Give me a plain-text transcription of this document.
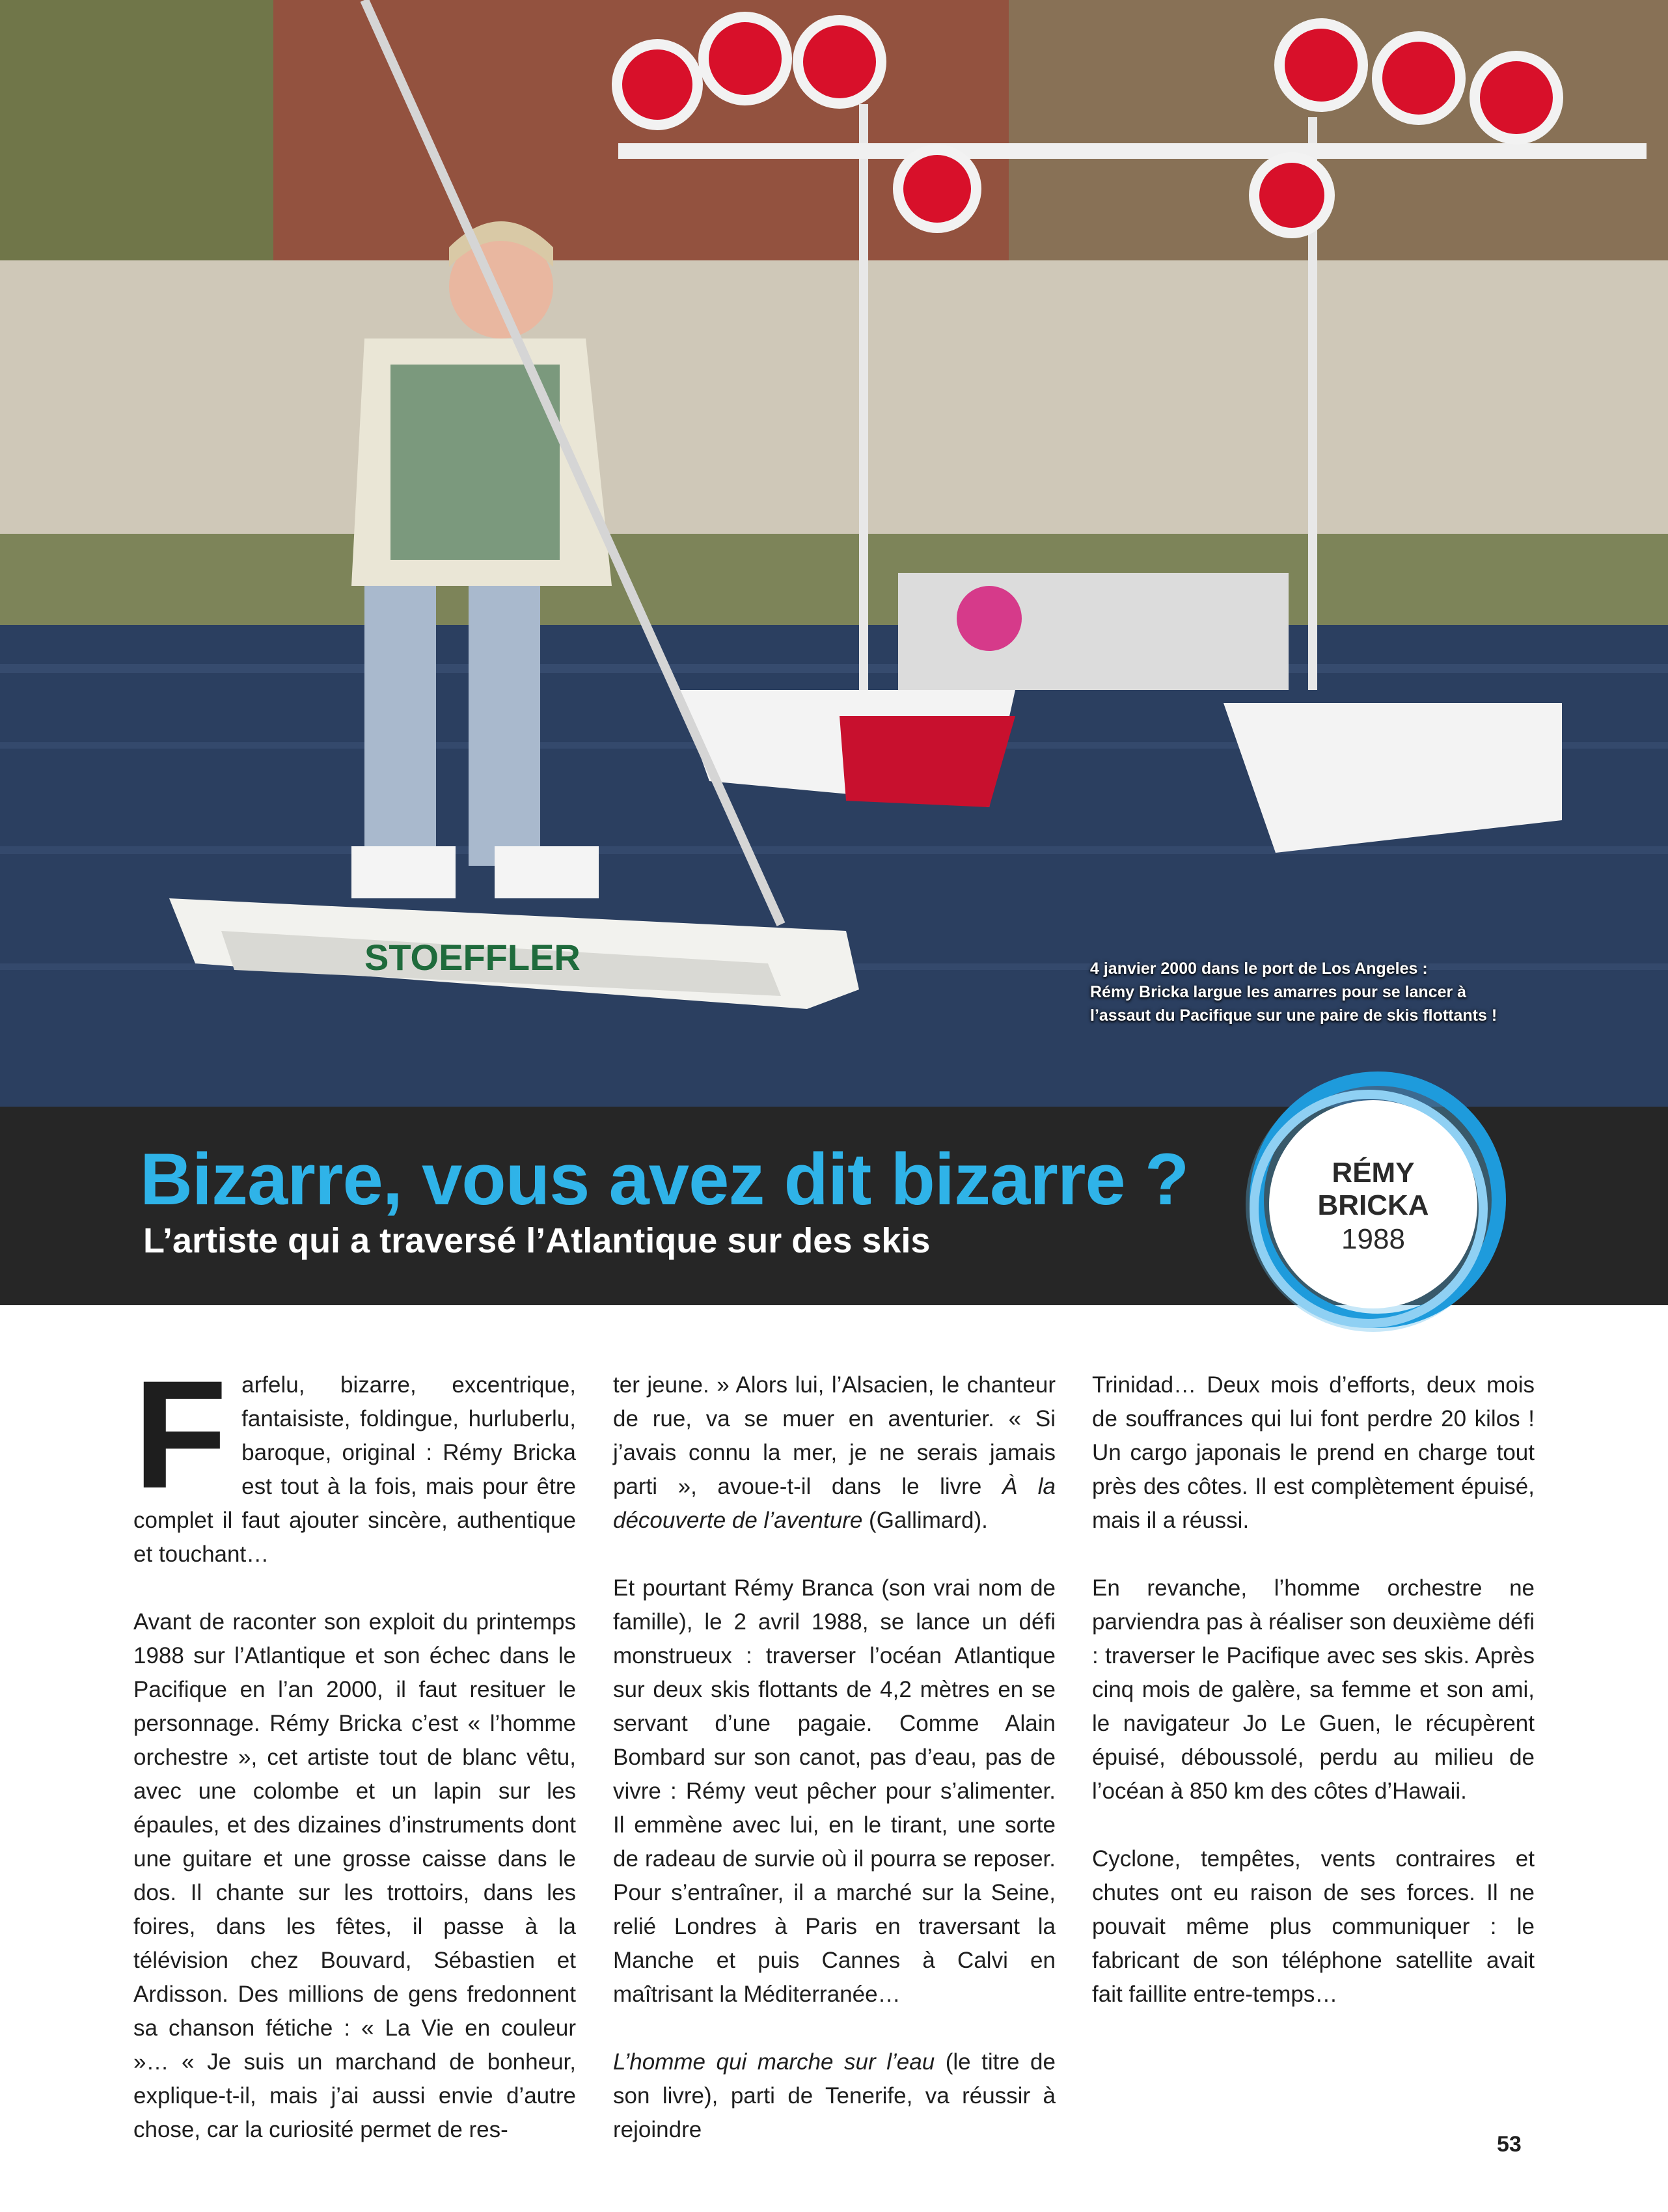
STOEFFLER	4 janvier 2000 dans le port de Los Angeles :
Rémy Bricka largue les amarres pour se lancer à
l’assaut du Pacifique sur une paire de skis flottants !
Bizarre, vous avez dit bizarre ?
L’artiste qui a traversé l’Atlantique sur des skis
RÉMY
BRICKA
1988

Farfelu, bizarre, excentrique, fantaisiste, foldingue, hurluberlu, baroque, original : Rémy Bricka est tout à la fois, mais pour être complet il faut ajouter sincère, authentique et touchant…

Avant de raconter son exploit du printemps 1988 sur l’Atlantique et son échec dans le Pacifique en l’an 2000, il faut resituer le personnage. Rémy Bricka c’est « l’homme orchestre », cet artiste tout de blanc vêtu, avec une colombe et un lapin sur les épaules, et des dizaines d’instruments dont une guitare et une grosse caisse dans le dos. Il chante sur les trottoirs, dans les foires, dans les fêtes, il passe à la télévision chez Bouvard, Sébastien et Ardisson. Des millions de gens fredonnent sa chanson fétiche : « La Vie en couleur »… « Je suis un marchand de bonheur, explique-t-il, mais j’ai aussi envie d’autre chose, car la curiosité permet de res-

ter jeune. » Alors lui, l’Alsacien, le chanteur de rue, va se muer en aventurier. « Si j’avais connu la mer, je ne serais jamais parti », avoue-t-il dans le livre À la découverte de l’aventure (Gallimard).

Et pourtant Rémy Branca (son vrai nom de famille), le 2 avril 1988, se lance un défi monstrueux : traverser l’océan Atlantique sur deux skis flottants de 4,2 mètres en se servant d’une pagaie. Comme Alain Bombard sur son canot, pas d’eau, pas de vivre : Rémy veut pêcher pour s’alimenter. Il emmène avec lui, en le tirant, une sorte de radeau de survie où il pourra se reposer. Pour s’entraîner, il a marché sur la Seine, relié Londres à Paris en traversant la Manche et puis Cannes à Calvi en maîtrisant la Méditerranée…

L’homme qui marche sur l’eau (le titre de son livre), parti de Tenerife, va réussir à rejoindre

Trinidad… Deux mois d’efforts, deux mois de souffrances qui lui font perdre 20 kilos ! Un cargo japonais le prend en charge tout près des côtes. Il est complètement épuisé, mais il a réussi.

En revanche, l’homme orchestre ne parviendra pas à réaliser son deuxième défi : traverser le Pacifique avec ses skis. Après cinq mois de galère, sa femme et son ami, le navigateur Jo Le Guen, le récupèrent épuisé, déboussolé, perdu au milieu de l’océan à 850 km des côtes d’Hawaii.

Cyclone, tempêtes, vents contraires et chutes ont eu raison de ses forces. Il ne pouvait même plus communiquer : le fabricant de son téléphone satellite avait fait faillite entre-temps…

53
